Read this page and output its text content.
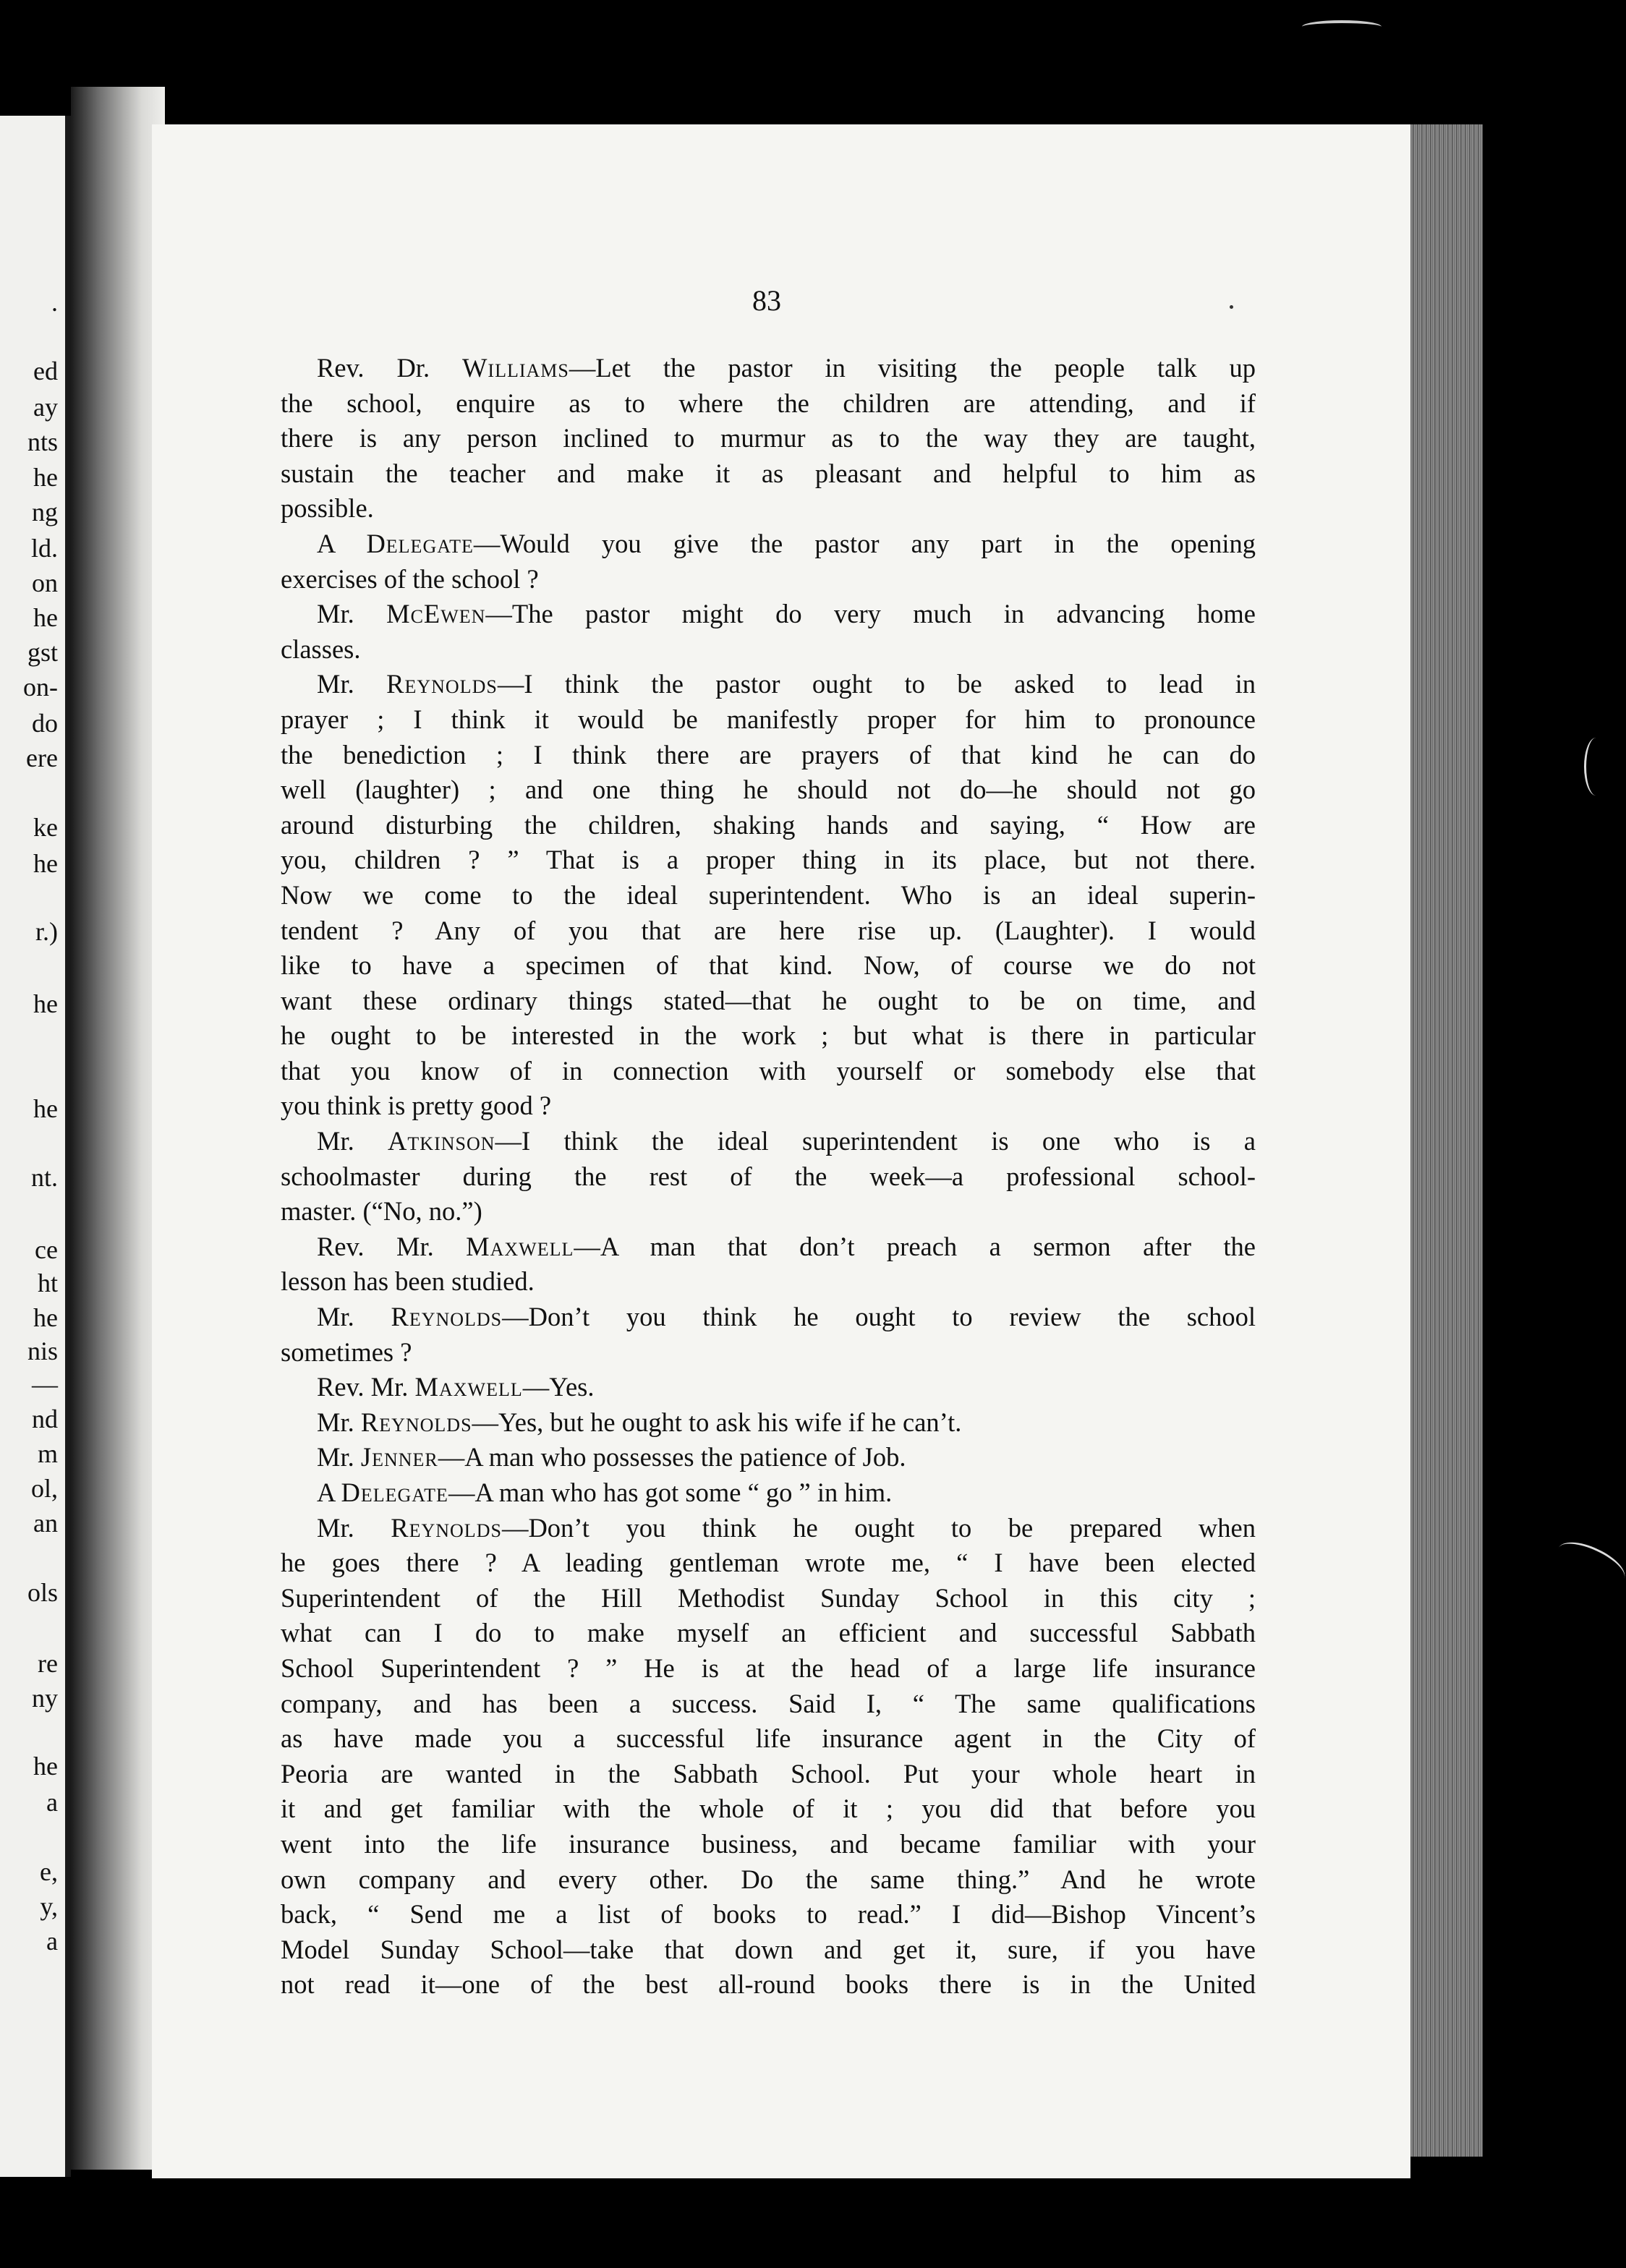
.
ed
ay
nts
he
ng
ld.
on
he
gst
on-
do
ere
ke
he
r.)
he
he
nt.
ce
ht
he
nis
—
nd
m
ol,
an
ols
re
ny
he
a
e,
y,
a
83
Rev. Dr. Williams—Let the pastor in visiting the people talk up
the school, enquire as to where the children are attending, and if
there is any person inclined to murmur as to the way they are taught,
sustain the teacher and make it as pleasant and helpful to him as
possible.
A Delegate—Would you give the pastor any part in the opening
exercises of the school ?
Mr. McEwen—The pastor might do very much in advancing home
classes.
Mr. Reynolds—I think the pastor ought to be asked to lead in
prayer ; I think it would be manifestly proper for him to pronounce
the benediction ; I think there are prayers of that kind he can do
well (laughter) ; and one thing he should not do—he should not go
around disturbing the children, shaking hands and saying, “ How are
you, children ? ” That is a proper thing in its place, but not there.
Now we come to the ideal superintendent. Who is an ideal superin-
tendent ? Any of you that are here rise up. (Laughter). I would
like to have a specimen of that kind. Now, of course we do not
want these ordinary things stated—that he ought to be on time, and
he ought to be interested in the work ; but what is there in particular
that you know of in connection with yourself or somebody else that
you think is pretty good ?
Mr. Atkinson—I think the ideal superintendent is one who is a
schoolmaster during the rest of the week—a professional school-
master. (“No, no.”)
Rev. Mr. Maxwell—A man that don’t preach a sermon after the
lesson has been studied.
Mr. Reynolds—Don’t you think he ought to review the school
sometimes ?
Rev. Mr. Maxwell—Yes.
Mr. Reynolds—Yes, but he ought to ask his wife if he can’t.
Mr. Jenner—A man who possesses the patience of Job.
A Delegate—A man who has got some “ go ” in him.
Mr. Reynolds—Don’t you think he ought to be prepared when
he goes there ? A leading gentleman wrote me, “ I have been elected
Superintendent of the Hill Methodist Sunday School in this city ;
what can I do to make myself an efficient and successful Sabbath
School Superintendent ? ” He is at the head of a large life insurance
company, and has been a success. Said I, “ The same qualifications
as have made you a successful life insurance agent in the City of
Peoria are wanted in the Sabbath School. Put your whole heart in
it and get familiar with the whole of it ; you did that before you
went into the life insurance business, and became familiar with your
own company and every other. Do the same thing.” And he wrote
back, “ Send me a list of books to read.” I did—Bishop Vincent’s
Model Sunday School—take that down and get it, sure, if you have
not read it—one of the best all-round books there is in the United
